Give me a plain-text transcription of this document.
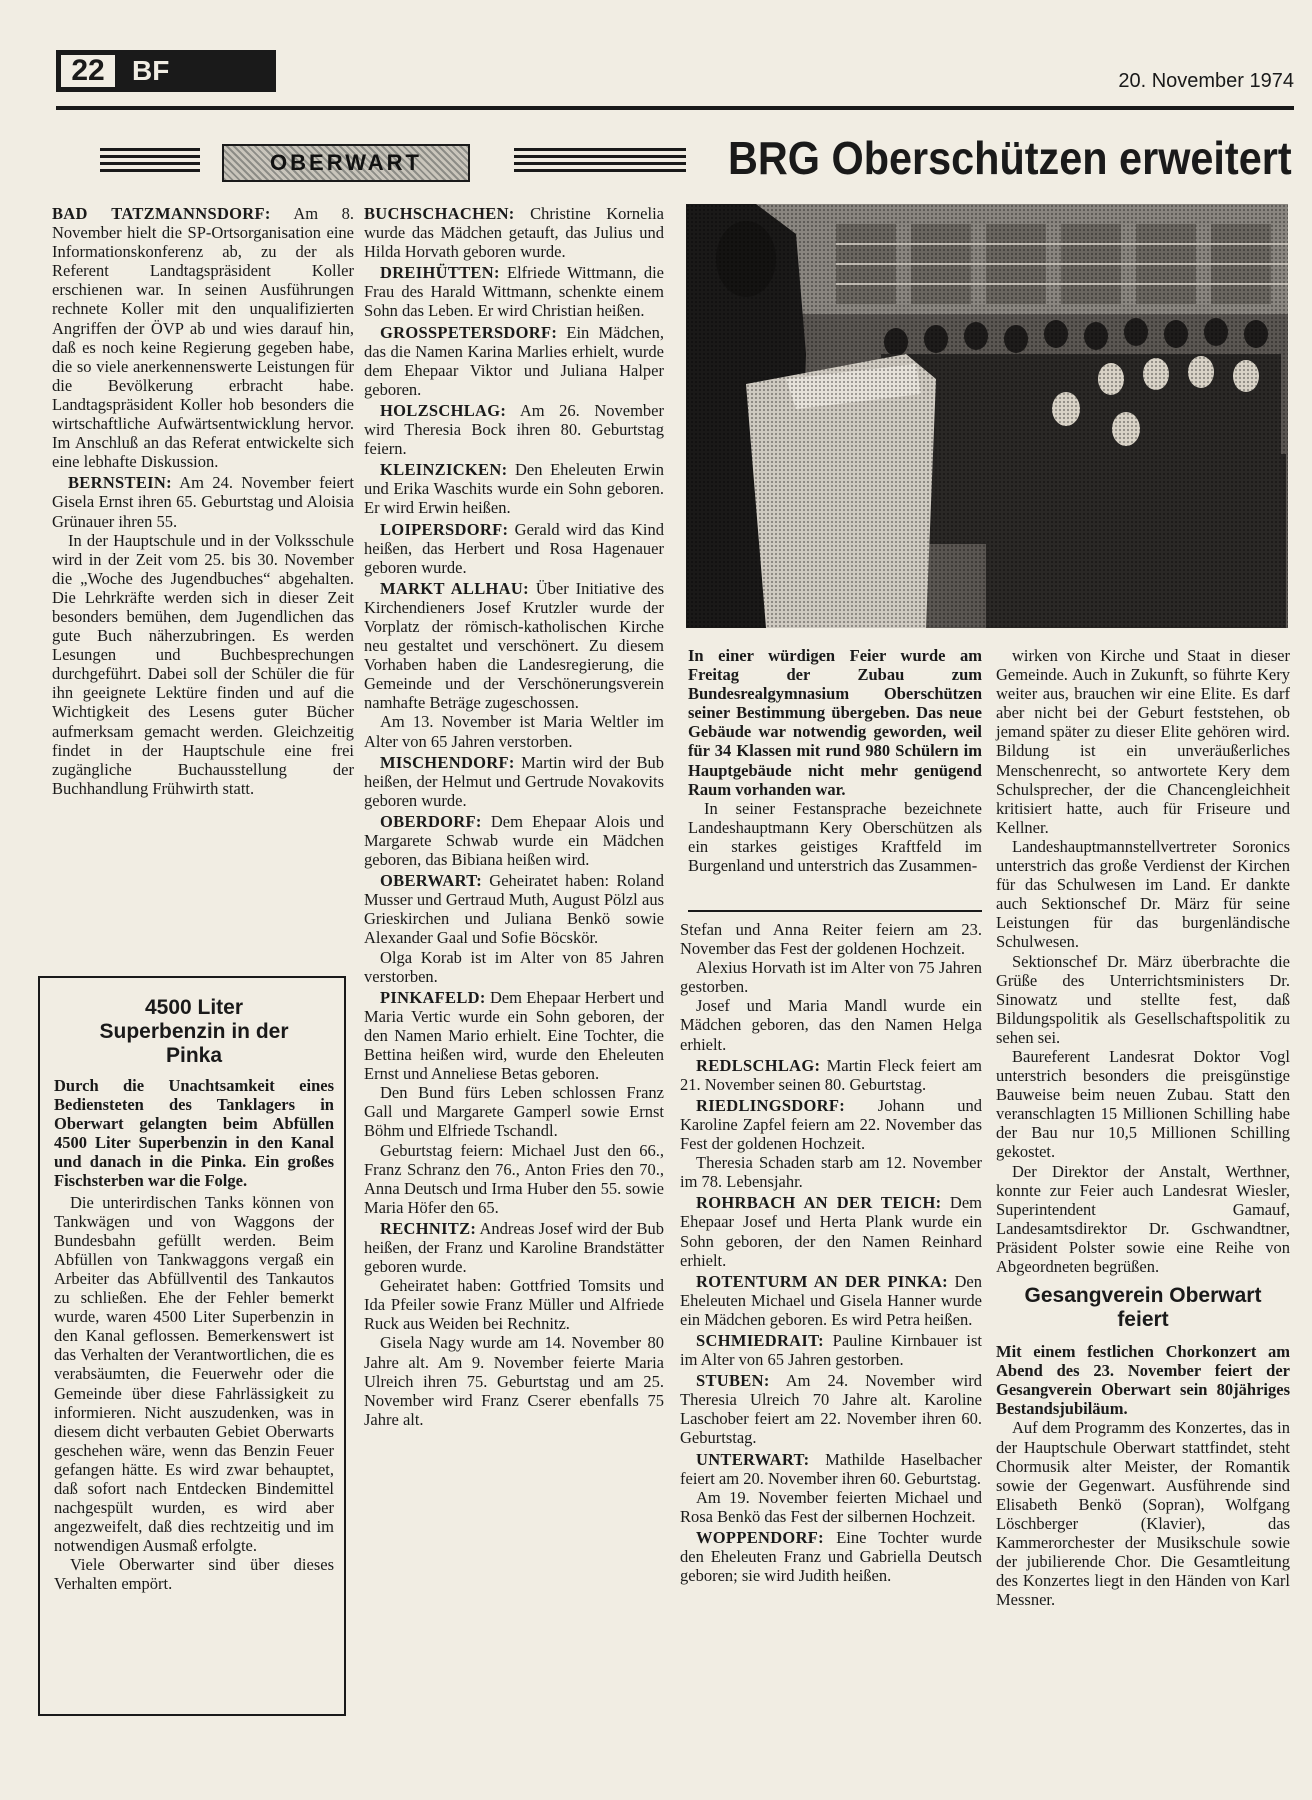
22 BF	20. November 1974
OBERWART	BRG Oberschützen erweitert

BAD TATZMANNSDORF: Am 8. November hielt die SP-Ortsorganisation eine Informationskonferenz ab, zu der als Referent Landtagspräsident Koller erschienen war. In seinen Ausführungen rechnete Koller mit den unqualifizierten Angriffen der ÖVP ab und wies darauf hin, daß es noch keine Regierung gegeben habe, die so viele anerkennenswerte Leistungen für die Bevölkerung erbracht habe. Landtagspräsident Koller hob besonders die wirtschaftliche Aufwärtsentwicklung hervor. Im Anschluß an das Referat entwickelte sich eine lebhafte Diskussion.

BERNSTEIN: Am 24. November feiert Gisela Ernst ihren 65. Geburtstag und Aloisia Grünauer ihren 55.

In der Hauptschule und in der Volksschule wird in der Zeit vom 25. bis 30. November die „Woche des Jugendbuches“ abgehalten. Die Lehrkräfte werden sich in dieser Zeit besonders bemühen, dem Jugendlichen das gute Buch näherzubringen. Es werden Lesungen und Buchbesprechungen durchgeführt. Dabei soll der Schüler die für ihn geeignete Lektüre finden und auf die Wichtigkeit des Lesens guter Bücher aufmerksam gemacht werden. Gleichzeitig findet in der Hauptschule eine frei zugängliche Buchausstellung der Buchhandlung Frühwirth statt.

4500 Liter Superbenzin in der Pinka

Durch die Unachtsamkeit eines Bediensteten des Tanklagers in Oberwart gelangten beim Abfüllen 4500 Liter Superbenzin in den Kanal und danach in die Pinka. Ein großes Fischsterben war die Folge.

Die unterirdischen Tanks können von Tankwägen und von Waggons der Bundesbahn gefüllt werden. Beim Abfüllen von Tankwaggons vergaß ein Arbeiter das Abfüllventil des Tankautos zu schließen. Ehe der Fehler bemerkt wurde, waren 4500 Liter Superbenzin in den Kanal geflossen. Bemerkenswert ist das Verhalten der Verantwortlichen, die es verabsäumten, die Feuerwehr oder die Gemeinde über diese Fahrlässigkeit zu informieren. Nicht auszudenken, was in diesem dicht verbauten Gebiet Oberwarts geschehen wäre, wenn das Benzin Feuer gefangen hätte. Es wird zwar behauptet, daß sofort nach Entdecken Bindemittel nachgespült wurden, es wird aber angezweifelt, daß dies rechtzeitig und im notwendigen Ausmaß erfolgte.

Viele Oberwarter sind über dieses Verhalten empört.

BUCHSCHACHEN: Christine Kornelia wurde das Mädchen getauft, das Julius und Hilda Horvath geboren wurde.

DREIHÜTTEN: Elfriede Wittmann, die Frau des Harald Wittmann, schenkte einem Sohn das Leben. Er wird Christian heißen.

GROSSPETERSDORF: Ein Mädchen, das die Namen Karina Marlies erhielt, wurde dem Ehepaar Viktor und Juliana Halper geboren.

HOLZSCHLAG: Am 26. November wird Theresia Bock ihren 80. Geburtstag feiern.

KLEINZICKEN: Den Eheleuten Erwin und Erika Waschits wurde ein Sohn geboren. Er wird Erwin heißen.

LOIPERSDORF: Gerald wird das Kind heißen, das Herbert und Rosa Hagenauer geboren wurde.

MARKT ALLHAU: Über Initiative des Kirchendieners Josef Krutzler wurde der Vorplatz der römisch-katholischen Kirche neu gestaltet und verschönert. Zu diesem Vorhaben haben die Landesregierung, die Gemeinde und der Verschönerungsverein namhafte Beträge zugeschossen.

Am 13. November ist Maria Weltler im Alter von 65 Jahren verstorben.

MISCHENDORF: Martin wird der Bub heißen, der Helmut und Gertrude Novakovits geboren wurde.

OBERDORF: Dem Ehepaar Alois und Margarete Schwab wurde ein Mädchen geboren, das Bibiana heißen wird.

OBERWART: Geheiratet haben: Roland Musser und Gertraud Muth, August Pölzl aus Grieskirchen und Juliana Benkö sowie Alexander Gaal und Sofie Böcskör.

Olga Korab ist im Alter von 85 Jahren verstorben.

PINKAFELD: Dem Ehepaar Herbert und Maria Vertic wurde ein Sohn geboren, der den Namen Mario erhielt. Eine Tochter, die Bettina heißen wird, wurde den Eheleuten Ernst und Anneliese Betas geboren.

Den Bund fürs Leben schlossen Franz Gall und Margarete Gamperl sowie Ernst Böhm und Elfriede Tschandl.

Geburtstag feiern: Michael Just den 66., Franz Schranz den 76., Anton Fries den 70., Anna Deutsch und Irma Huber den 55. sowie Maria Höfer den 65.

RECHNITZ: Andreas Josef wird der Bub heißen, der Franz und Karoline Brandstätter geboren wurde.

Geheiratet haben: Gottfried Tomsits und Ida Pfeiler sowie Franz Müller und Alfriede Ruck aus Weiden bei Rechnitz.

Gisela Nagy wurde am 14. November 80 Jahre alt. Am 9. November feierte Maria Ulreich ihren 75. Geburtstag und am 25. November wird Franz Cserer ebenfalls 75 Jahre alt.

In einer würdigen Feier wurde am Freitag der Zubau zum Bundesrealgymnasium Oberschützen seiner Bestimmung übergeben. Das neue Gebäude war notwendig geworden, weil für 34 Klassen mit rund 980 Schülern im Hauptgebäude nicht mehr genügend Raum vorhanden war.

In seiner Festansprache bezeichnete Landeshauptmann Kery Oberschützen als ein starkes geistiges Kraftfeld im Burgenland und unterstrich das Zusammen-

Stefan und Anna Reiter feiern am 23. November das Fest der goldenen Hochzeit.

Alexius Horvath ist im Alter von 75 Jahren gestorben.

Josef und Maria Mandl wurde ein Mädchen geboren, das den Namen Helga erhielt.

REDLSCHLAG: Martin Fleck feiert am 21. November seinen 80. Geburtstag.

RIEDLINGSDORF: Johann und Karoline Zapfel feiern am 22. November das Fest der goldenen Hochzeit.

Theresia Schaden starb am 12. November im 78. Lebensjahr.

ROHRBACH AN DER TEICH: Dem Ehepaar Josef und Herta Plank wurde ein Sohn geboren, der den Namen Reinhard erhielt.

ROTENTURM AN DER PINKA: Den Eheleuten Michael und Gisela Hanner wurde ein Mädchen geboren. Es wird Petra heißen.

SCHMIEDRAIT: Pauline Kirnbauer ist im Alter von 65 Jahren gestorben.

STUBEN: Am 24. November wird Theresia Ulreich 70 Jahre alt. Karoline Laschober feiert am 22. November ihren 60. Geburtstag.

UNTERWART: Mathilde Haselbacher feiert am 20. November ihren 60. Geburtstag.

Am 19. November feierten Michael und Rosa Benkö das Fest der silbernen Hochzeit.

WOPPENDORF: Eine Tochter wurde den Eheleuten Franz und Gabriella Deutsch geboren; sie wird Judith heißen.

wirken von Kirche und Staat in dieser Gemeinde. Auch in Zukunft, so führte Kery weiter aus, brauchen wir eine Elite. Es darf aber nicht bei der Geburt feststehen, ob jemand später zu dieser Elite gehören wird. Bildung ist ein unveräußerliches Menschenrecht, so antwortete Kery dem Schulsprecher, der die Chancengleichheit kritisiert hatte, auch für Friseure und Kellner.

Landeshauptmannstellvertreter Soronics unterstrich das große Verdienst der Kirchen für das Schulwesen im Land. Er dankte auch Sektionschef Dr. März für seine Leistungen für das burgenländische Schulwesen.

Sektionschef Dr. März überbrachte die Grüße des Unterrichtsministers Dr. Sinowatz und stellte fest, daß Bildungspolitik als Gesellschaftspolitik zu sehen sei.

Baureferent Landesrat Doktor Vogl unterstrich besonders die preisgünstige Bauweise beim neuen Zubau. Statt den veranschlagten 15 Millionen Schilling habe der Bau nur 10,5 Millionen Schilling gekostet.

Der Direktor der Anstalt, Werthner, konnte zur Feier auch Landesrat Wiesler, Superintendent Gamauf, Landesamtsdirektor Dr. Gschwandtner, Präsident Polster sowie eine Reihe von Abgeordneten begrüßen.

Gesangverein Oberwart feiert

Mit einem festlichen Chorkonzert am Abend des 23. November feiert der Gesangverein Oberwart sein 80jähriges Bestandsjubiläum.

Auf dem Programm des Konzertes, das in der Hauptschule Oberwart stattfindet, steht Chormusik alter Meister, der Romantik sowie der Gegenwart. Ausführende sind Elisabeth Benkö (Sopran), Wolfgang Löschberger (Klavier), das Kammerorchester der Musikschule sowie der jubilierende Chor. Die Gesamtleitung des Konzertes liegt in den Händen von Karl Messner.
